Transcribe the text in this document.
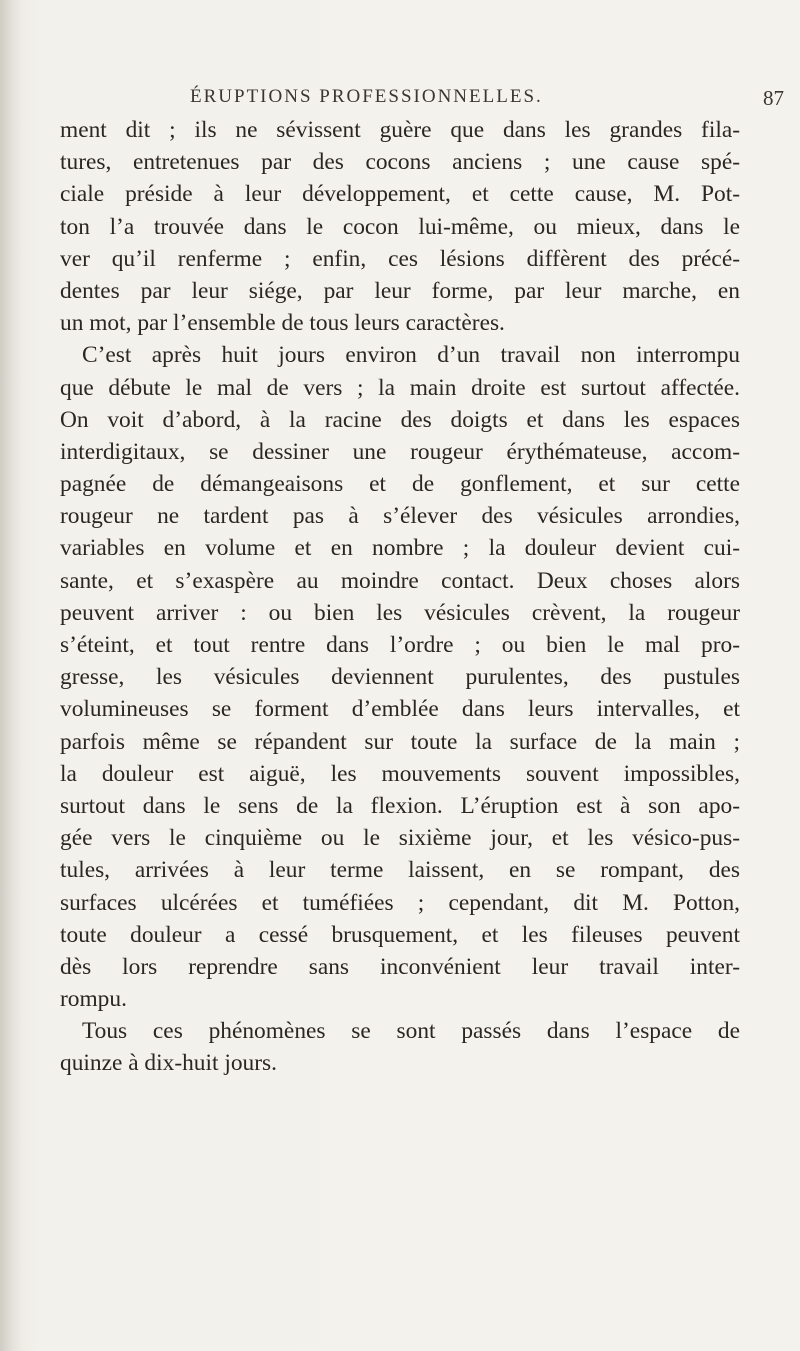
ÉRUPTIONS PROFESSIONNELLES.	87
ment dit ; ils ne sévissent guère que dans les grandes fila-
tures, entretenues par des cocons anciens ; une cause spé-
ciale préside à leur développement, et cette cause, M. Pot-
ton l’a trouvée dans le cocon lui-même, ou mieux, dans le
ver qu’il renferme ; enfin, ces lésions diffèrent des précé-
dentes par leur siége, par leur forme, par leur marche, en
un mot, par l’ensemble de tous leurs caractères.
C’est après huit jours environ d’un travail non interrompu
que débute le mal de vers ; la main droite est surtout affectée.
On voit d’abord, à la racine des doigts et dans les espaces
interdigitaux, se dessiner une rougeur érythémateuse, accom-
pagnée de démangeaisons et de gonflement, et sur cette
rougeur ne tardent pas à s’élever des vésicules arrondies,
variables en volume et en nombre ; la douleur devient cui-
sante, et s’exaspère au moindre contact. Deux choses alors
peuvent arriver : ou bien les vésicules crèvent, la rougeur
s’éteint, et tout rentre dans l’ordre ; ou bien le mal pro-
gresse, les vésicules deviennent purulentes, des pustules
volumineuses se forment d’emblée dans leurs intervalles, et
parfois même se répandent sur toute la surface de la main ;
la douleur est aiguë, les mouvements souvent impossibles,
surtout dans le sens de la flexion. L’éruption est à son apo-
gée vers le cinquième ou le sixième jour, et les vésico-pus-
tules, arrivées à leur terme laissent, en se rompant, des
surfaces ulcérées et tuméfiées ; cependant, dit M. Potton,
toute douleur a cessé brusquement, et les fileuses peuvent
dès lors reprendre sans inconvénient leur travail inter-
rompu.
Tous ces phénomènes se sont passés dans l’espace de
quinze à dix-huit jours.
